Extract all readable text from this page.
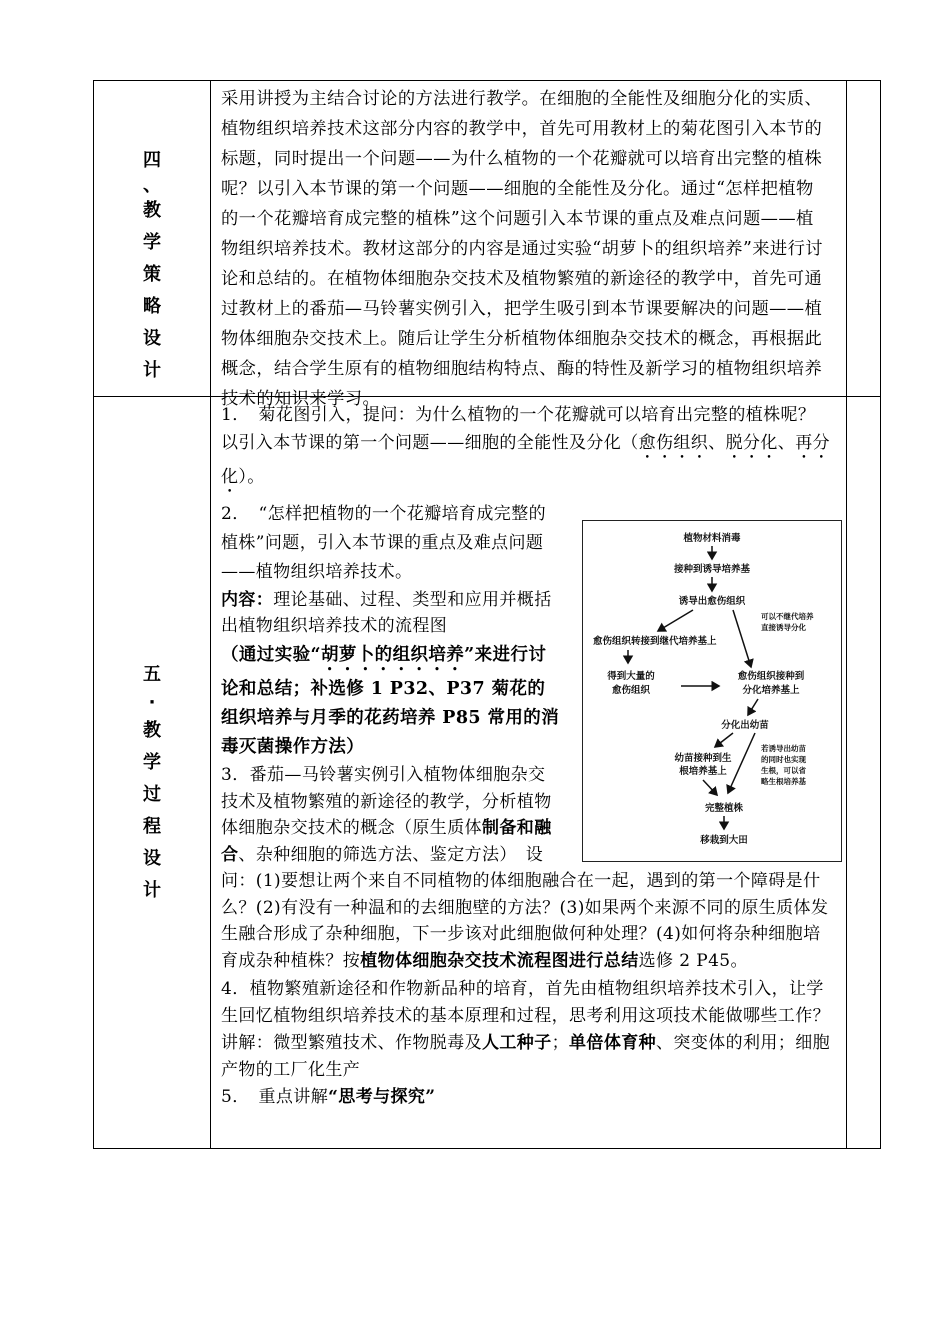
四
、
教
学
策
略
设
计

采用讲授为主结合讨论的方法进行教学。在细胞的全能性及细胞分化的实质、植物组织培养技术这部分内容的教学中，首先可用教材上的菊花图引入本节的标题，同时提出一个问题——为什么植物的一个花瓣就可以培育出完整的植株呢？以引入本节课的第一个问题——细胞的全能性及分化。通过“怎样把植物的一个花瓣培育成完整的植株”这个问题引入本节课的重点及难点问题——植物组织培养技术。教材这部分的内容是通过实验“胡萝卜的组织培养”来进行讨论和总结的。在植物体细胞杂交技术及植物繁殖的新途径的教学中，首先可通过教材上的番茄—马铃薯实例引入，把学生吸引到本节课要解决的问题——植物体细胞杂交技术上。随后让学生分析植物体细胞杂交技术的概念，再根据此概念，结合学生原有的植物细胞结构特点、酶的特性及新学习的植物组织培养技术的知识来学习。

五
·
教
学
过
程
设
计

1．　菊花图引入，提问：为什么植物的一个花瓣就可以培育出完整的植株呢？以引入本节课的第一个问题——细胞的全能性及分化（愈伤组织、脱分化、再分化）。

2．　“怎样把植物的一个花瓣培育成完整的植株”问题，引入本节课的重点及难点问题——植物组织培养技术。

内容：理论基础、过程、类型和应用并概括出植物组织培养技术的流程图

（通过实验“胡萝卜的组织培养”来进行讨论和总结；补选修 1 P32、P37 菊花的组织培养与月季的花药培养 P85 常用的消毒灭菌操作方法）

3．番茄—马铃薯实例引入植物体细胞杂交技术及植物繁殖的新途径的教学，分析植物体细胞杂交技术的概念（原生质体制备和融合、杂种细胞的筛选方法、鉴定方法）　设问：(1)要想让两个来自不同植物的体细胞融合在一起，遇到的第一个障碍是什么？(2)有没有一种温和的去细胞壁的方法？(3)如果两个来源不同的原生质体发生融合形成了杂种细胞，下一步该对此细胞做何种处理？(4)如何将杂种细胞培育成杂种植株？按植物体细胞杂交技术流程图进行总结选修 2 P45。

4．植物繁殖新途径和作物新品种的培育，首先由植物组织培养技术引入，让学生回忆植物组织培养技术的基本原理和过程，思考利用这项技术能做哪些工作？　　讲解：微型繁殖技术、作物脱毒及人工种子；单倍体育种、突变体的利用；细胞产物的工厂化生产

5．　重点讲解“思考与探究”

植物材料消毒
接种到诱导培养基
诱导出愈伤组织
可以不继代培养
直接诱导分化
愈伤组织转接到继代培养基上
得到大量的
愈伤组织
愈伤组织接种到
分化培养基上
分化出幼苗
幼苗接种到生
根培养基上
若诱导出幼苗
的同时也实现
生根，可以省
略生根培养基
完整植株
移栽到大田
